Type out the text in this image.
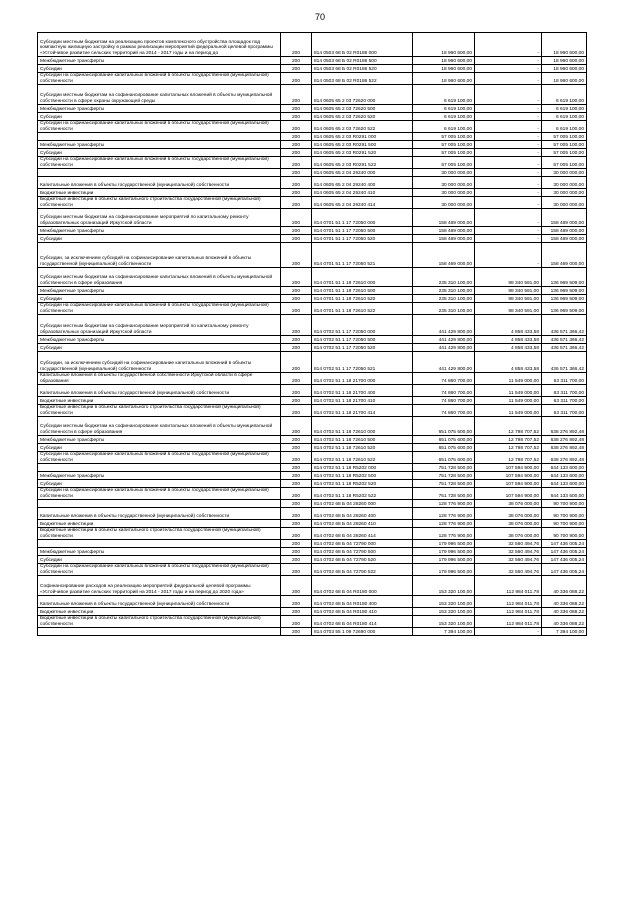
70
Субсидии местным бюджетам на реализацию проектов комплексного обустройства площадок под компактную жилищную застройку в рамках реализации мероприятий федеральной целевой программы «Устойчивое развитие сельских территорий на 2014 - 2017 годы и на период до	200	814 0503 68 Б 02 R0186 000	18 960 600,00	-	18 960 600,00
Межбюджетные трансферты	200	814 0503 68 Б 02 R0186 500	18 960 600,00	-	18 960 600,00
Субсидии	200	814 0503 68 Б 02 R0186 520	18 960 600,00	-	18 960 600,00
Субсидии на софинансирование капитальных вложений в объекты государственной (муниципальной) собственности	200	814 0503 68 Б 02 R0186 522	18 960 600,00	-	18 960 600,00
Субсидии местным бюджетам на софинансирование капитальных вложений в объекты муниципальной собственности в сфере охраны окружающей среды	200	814 0605 65 2 03 72620 000	6 619 100,00	-	6 619 100,00
Межбюджетные трансферты	200	814 0605 65 2 03 72620 500	6 619 100,00	-	6 619 100,00
Субсидии	200	814 0605 65 2 03 72620 520	6 619 100,00	-	6 619 100,00
Субсидии на софинансирование капитальных вложений в объекты государственной (муниципальной) собственности	200	814 0605 65 2 03 72620 522	6 619 100,00	-	6 619 100,00
	200	814 0605 65 2 03 R0291 000	57 005 100,00	-	57 005 100,00
Межбюджетные трансферты	200	814 0605 65 2 03 R0291 500	57 005 100,00	-	57 005 100,00
Субсидии	200	814 0605 65 2 03 R0291 520	57 005 100,00	-	57 005 100,00
Субсидии на софинансирование капитальных вложений в объекты государственной (муниципальной) собственности	200	814 0605 65 2 03 R0291 522	57 005 100,00	-	57 005 100,00
	200	814 0605 65 2 04 29240 000	30 000 000,00	-	30 000 000,00
Капитальные вложения в объекты государственной (муниципальной) собственности	200	814 0605 65 2 04 29240 400	30 000 000,00	-	30 000 000,00
Бюджетные инвестиции	200	814 0605 65 2 04 29240 410	30 000 000,00	-	30 000 000,00
Бюджетные инвестиции в объекты капитального строительства государственной (муниципальной) собственности	200	814 0605 65 2 04 29240 414	30 000 000,00	-	30 000 000,00
Субсидии местным бюджетам на софинансирование мероприятий по капитальному ремонту образовательных организаций Иркутской области	200	814 0701 51 1 17 72050 000	158 469 000,00	-	158 469 000,00
Межбюджетные трансферты	200	814 0701 51 1 17 72050 500	158 469 000,00	-	158 469 000,00
Субсидии	200	814 0701 51 1 17 72050 520	158 469 000,00	-	158 469 000,00
Субсидии, за исключением субсидий на софинансирование капитальных вложений в объекты государственной (муниципальной) собственности	200	814 0701 51 1 17 72050 521	158 469 000,00	-	158 469 000,00
Субсидии местным бюджетам на софинансирование капитальных вложений в объекты муниципальной собственности в сфере образования	200	814 0701 51 1 18 72610 000	235 310 100,00	98 340 591,00	136 969 509,00
Межбюджетные трансферты	200	814 0701 51 1 18 72610 500	235 310 100,00	98 340 591,00	136 969 509,00
Субсидии	200	814 0701 51 1 18 72610 520	235 310 100,00	98 340 591,00	136 969 509,00
Субсидии на софинансирование капитальных вложений в объекты государственной (муниципальной) собственности	200	814 0701 51 1 18 72610 522	235 310 100,00	98 340 591,00	136 969 509,00
Субсидии местным бюджетам на софинансирование мероприятий по капитальному ремонту образовательных организаций Иркутской области	200	814 0702 51 1 17 72050 000	441 429 800,00	4 858 433,58	436 571 366,42
Межбюджетные трансферты	200	814 0702 51 1 17 72050 500	441 429 800,00	4 858 433,58	436 571 366,42
Субсидии	200	814 0702 51 1 17 72050 520	441 429 800,00	4 858 433,58	436 571 366,42
Субсидии, за исключением субсидий на софинансирование капитальных вложений в объекты государственной (муниципальной) собственности	200	814 0702 51 1 17 72050 521	441 429 800,00	4 858 433,58	436 571 366,42
Капитальные вложения в объекты государственной собственности Иркутской области в сфере образования	200	814 0702 51 1 18 21700 000	74 860 700,00	11 549 000,00	63 311 700,00
Капитальные вложения в объекты государственной (муниципальной) собственности	200	814 0702 51 1 18 21700 400	74 860 700,00	11 549 000,00	63 311 700,00
Бюджетные инвестиции	200	814 0702 51 1 18 21700 410	74 860 700,00	11 549 000,00	63 311 700,00
Бюджетные инвестиции в объекты капитального строительства государственной (муниципальной) собственности	200	814 0702 51 1 18 21700 414	74 860 700,00	11 549 000,00	63 311 700,00
Субсидии местным бюджетам на софинансирование капитальных вложений в объекты муниципальной собственности в сфере образования	200	814 0702 51 1 18 72610 000	651 075 600,00	12 798 707,52	638 276 892,48
Межбюджетные трансферты	200	814 0702 51 1 18 72610 500	651 075 600,00	12 798 707,52	638 276 892,48
Субсидии	200	814 0702 51 1 18 72610 520	651 075 600,00	12 798 707,52	638 276 892,48
Субсидии на софинансирование капитальных вложений в объекты государственной (муниципальной) собственности	200	814 0702 51 1 18 72610 522	651 075 600,00	12 798 707,52	638 276 892,48
	200	814 0702 51 1 18 R5202 000	751 728 500,00	107 594 900,00	644 133 600,00
Межбюджетные трансферты	200	814 0702 51 1 18 R5202 500	751 728 500,00	107 594 900,00	644 133 600,00
Субсидии	200	814 0702 51 1 18 R5202 520	751 728 500,00	107 594 900,00	644 133 600,00
Субсидии на софинансирование капитальных вложений в объекты государственной (муниципальной) собственности	200	814 0702 51 1 18 R5202 522	751 728 500,00	107 594 900,00	644 133 600,00
	200	814 0702 68 Б 04 28260 000	128 776 900,00	38 076 000,00	90 700 900,00
Капитальные вложения в объекты государственной (муниципальной) собственности	200	814 0702 68 Б 04 28260 400	128 776 900,00	38 076 000,00	90 700 900,00
Бюджетные инвестиции	200	814 0702 68 Б 04 28260 410	128 776 900,00	38 076 000,00	90 700 900,00
Бюджетные инвестиции в объекты капитального строительства государственной (муниципальной) собственности	200	814 0702 68 Б 04 28260 414	128 776 900,00	38 076 000,00	90 700 900,00
	200	814 0702 68 Б 04 72790 000	179 996 500,00	32 560 494,76	147 436 005,24
Межбюджетные трансферты	200	814 0702 68 Б 04 72790 500	179 996 500,00	32 560 494,76	147 436 005,24
Субсидии	200	814 0702 68 Б 04 72790 520	179 996 500,00	32 560 494,76	147 436 005,24
Субсидии на софинансирование капитальных вложений в объекты государственной (муниципальной) собственности	200	814 0702 68 Б 04 72790 522	179 996 500,00	32 560 494,76	147 436 005,24
Софинансирование расходов на реализацию мероприятий федеральной целевой программы «Устойчивое развитие сельских территорий на 2014 - 2017 годы и на период до 2020 года»	200	814 0702 68 Б 04 R0180 000	153 320 100,00	112 984 011,78	40 336 088,22
Капитальные вложения в объекты государственной (муниципальной) собственности	200	814 0702 68 Б 04 R0180 400	153 320 100,00	112 984 011,78	40 336 088,22
Бюджетные инвестиции	200	814 0702 68 Б 04 R0180 410	153 320 100,00	112 984 011,78	40 336 088,22
Бюджетные инвестиции в объекты капитального строительства государственной (муниципальной) собственности	200	814 0702 68 Б 04 R0180 414	153 320 100,00	112 984 011,78	40 336 088,22
	200	814 0703 55 1 09 72690 000	7 394 100,00	-	7 394 100,00
